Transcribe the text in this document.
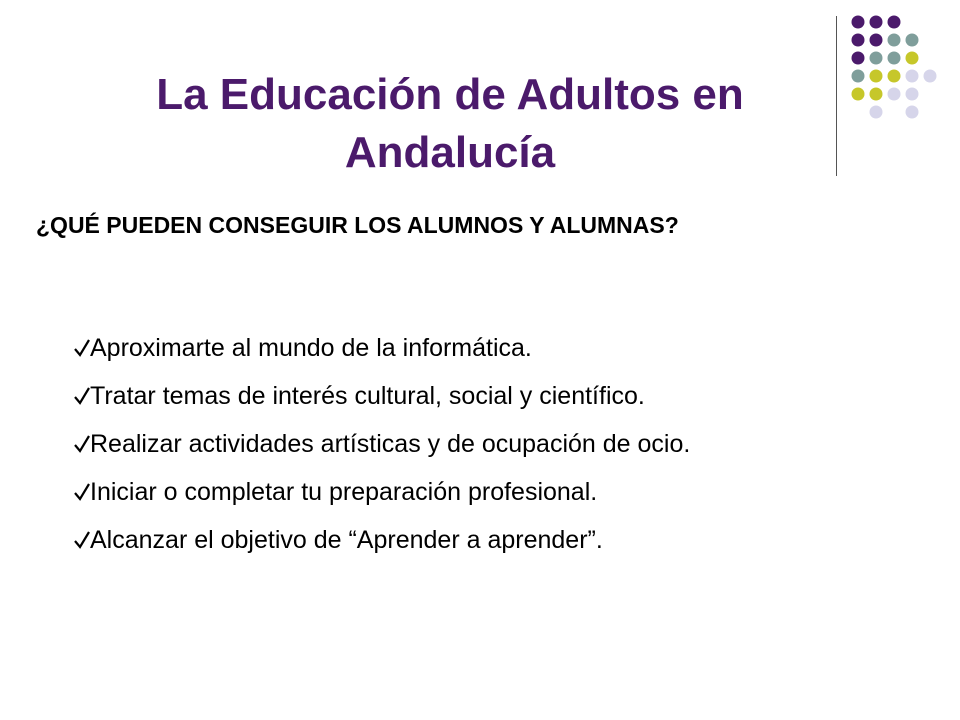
La Educación de Adultos en Andalucía
¿QUÉ PUEDEN CONSEGUIR LOS ALUMNOS Y ALUMNAS?
Aproximarte al mundo de la informática.
Tratar temas de interés cultural, social y científico.
Realizar actividades artísticas y de ocupación de ocio.
Iniciar o completar tu preparación profesional.
Alcanzar el objetivo de “Aprender a aprender”.
